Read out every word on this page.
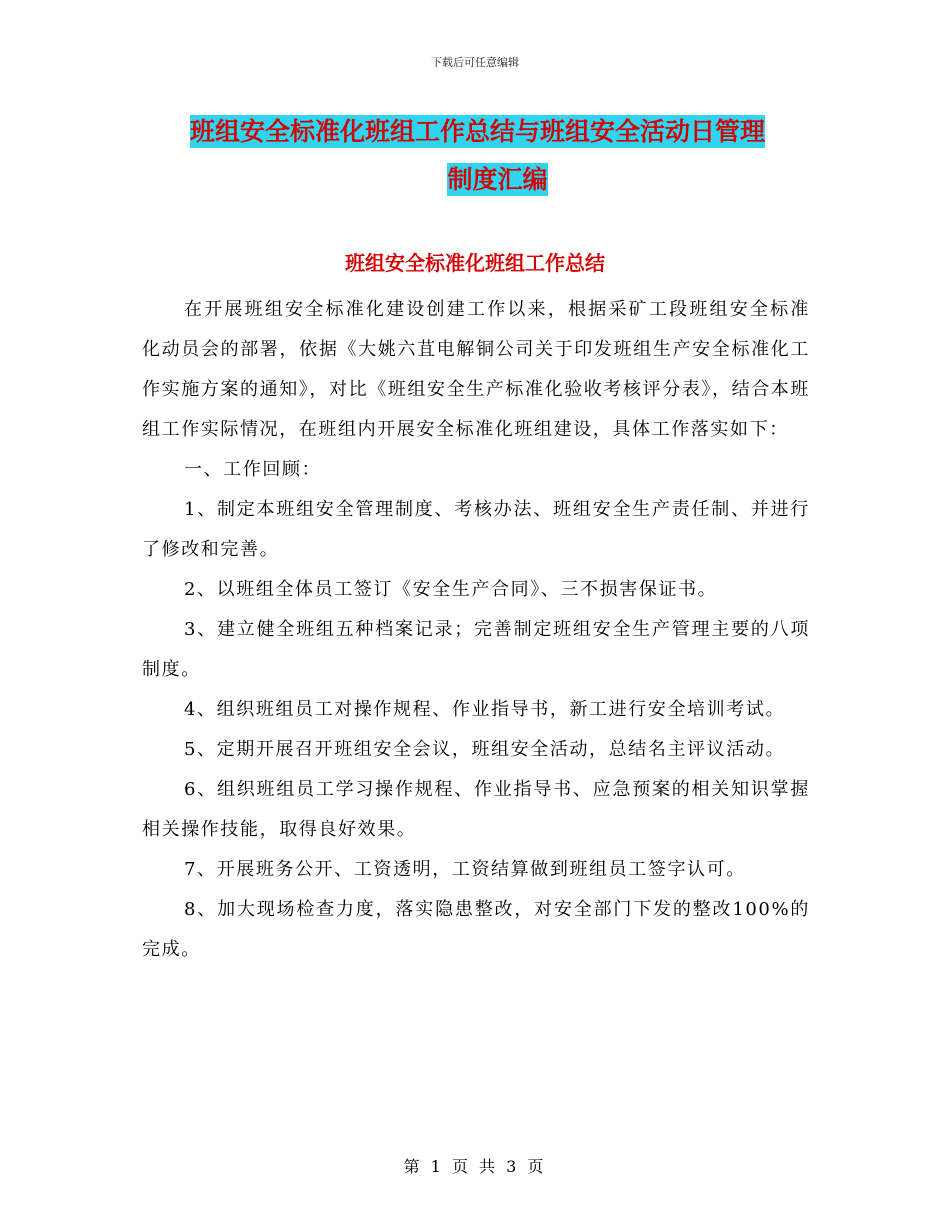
下载后可任意编辑
班组安全标准化班组工作总结与班组安全活动日管理
制度汇编
班组安全标准化班组工作总结

在开展班组安全标准化建设创建工作以来，根据采矿工段班组安全标准化动员会的部署，依据《大姚六苴电解铜公司关于印发班组生产安全标准化工作实施方案的通知》，对比《班组安全生产标准化验收考核评分表》，结合本班组工作实际情况，在班组内开展安全标准化班组建设，具体工作落实如下：

一、工作回顾：

1、制定本班组安全管理制度、考核办法、班组安全生产责任制、并进行了修改和完善。

2、以班组全体员工签订《安全生产合同》、三不损害保证书。

3、建立健全班组五种档案记录；完善制定班组安全生产管理主要的八项制度。

4、组织班组员工对操作规程、作业指导书，新工进行安全培训考试。

5、定期开展召开班组安全会议，班组安全活动，总结名主评议活动。

6、组织班组员工学习操作规程、作业指导书、应急预案的相关知识掌握相关操作技能，取得良好效果。

7、开展班务公开、工资透明，工资结算做到班组员工签字认可。

8、加大现场检查力度，落实隐患整改，对安全部门下发的整改100%的完成。

第 1 页 共 3 页
